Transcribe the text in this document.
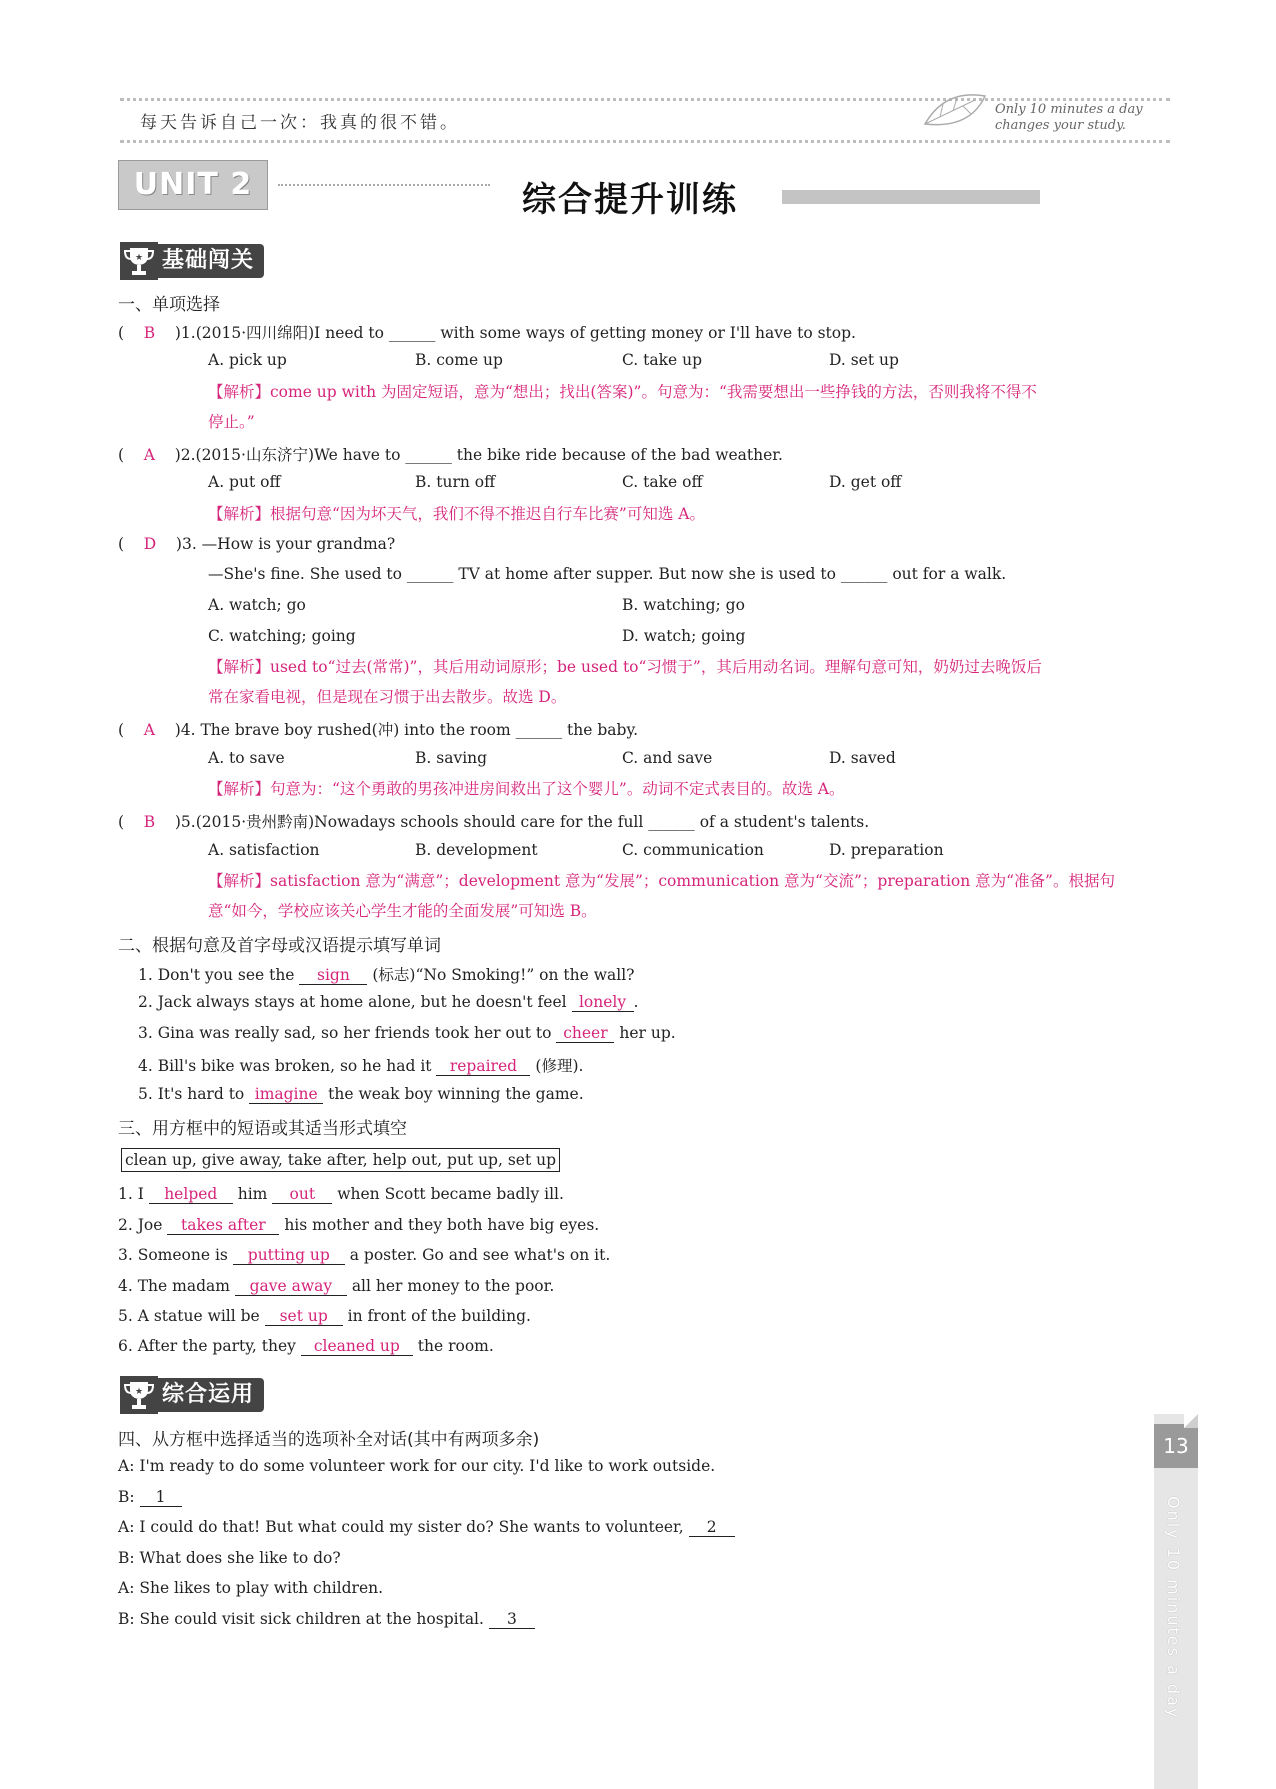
每天告诉自己一次：我真的很不错。
Only 10 minutes a day
changes your study.
UNIT 2	综合提升训练
★ 基础闯关
一、单项选择
(    B )1.(2015·四川绵阳)I need to ______ with some ways of getting money or I'll have to stop.
A. pick up	B. come up	C. take up	D. set up
【解析】come up with 为固定短语，意为“想出；找出(答案)”。句意为：“我需要想出一些挣钱的方法，否则我将不得不
停止。”
(    A )2.(2015·山东济宁)We have to ______ the bike ride because of the bad weather.
A. put off	B. turn off	C. take off	D. get off
【解析】根据句意“因为坏天气，我们不得不推迟自行车比赛”可知选 A。
(    D )3. —How is your grandma?
—She's fine. She used to ______ TV at home after supper. But now she is used to ______ out for a walk.
A. watch; go	B. watching; go
C. watching; going	D. watch; going
【解析】used to“过去(常常)”，其后用动词原形；be used to“习惯于”，其后用动名词。理解句意可知，奶奶过去晚饭后
常在家看电视，但是现在习惯于出去散步。故选 D。
(    A )4. The brave boy rushed(冲) into the room ______ the baby.
A. to save	B. saving	C. and save	D. saved
【解析】句意为：“这个勇敢的男孩冲进房间救出了这个婴儿”。动词不定式表目的。故选 A。
(    B )5.(2015·贵州黔南)Nowadays schools should care for the full ______ of a student's talents.
A. satisfaction	B. development	C. communication	D. preparation
【解析】satisfaction 意为“满意”；development 意为“发展”；communication 意为“交流”；preparation 意为“准备”。根据句
意“如今，学校应该关心学生才能的全面发展”可知选 B。
二、根据句意及首字母或汉语提示填写单词
1. Don't you see the sign (标志)“No Smoking!” on the wall?
2. Jack always stays at home alone, but he doesn't feel lonely .
3. Gina was really sad, so her friends took her out to cheer her up.
4. Bill's bike was broken, so he had it repaired (修理).
5. It's hard to imagine the weak boy winning the game.
三、用方框中的短语或其适当形式填空
clean up, give away, take after, help out, put up, set up
1. I helped him out when Scott became badly ill.
2. Joe takes after his mother and they both have big eyes.
3. Someone is putting up a poster. Go and see what's on it.
4. The madam gave away all her money to the poor.
5. A statue will be set up in front of the building.
6. After the party, they cleaned up the room.
★ 综合运用
四、从方框中选择适当的选项补全对话(其中有两项多余)
A: I'm ready to do some volunteer work for our city. I'd like to work outside.
B: 1
A: I could do that! But what could my sister do? She wants to volunteer, 2
B: What does she like to do?
A: She likes to play with children.
B: She could visit sick children at the hospital. 3
13
Only 10 minutes a day
